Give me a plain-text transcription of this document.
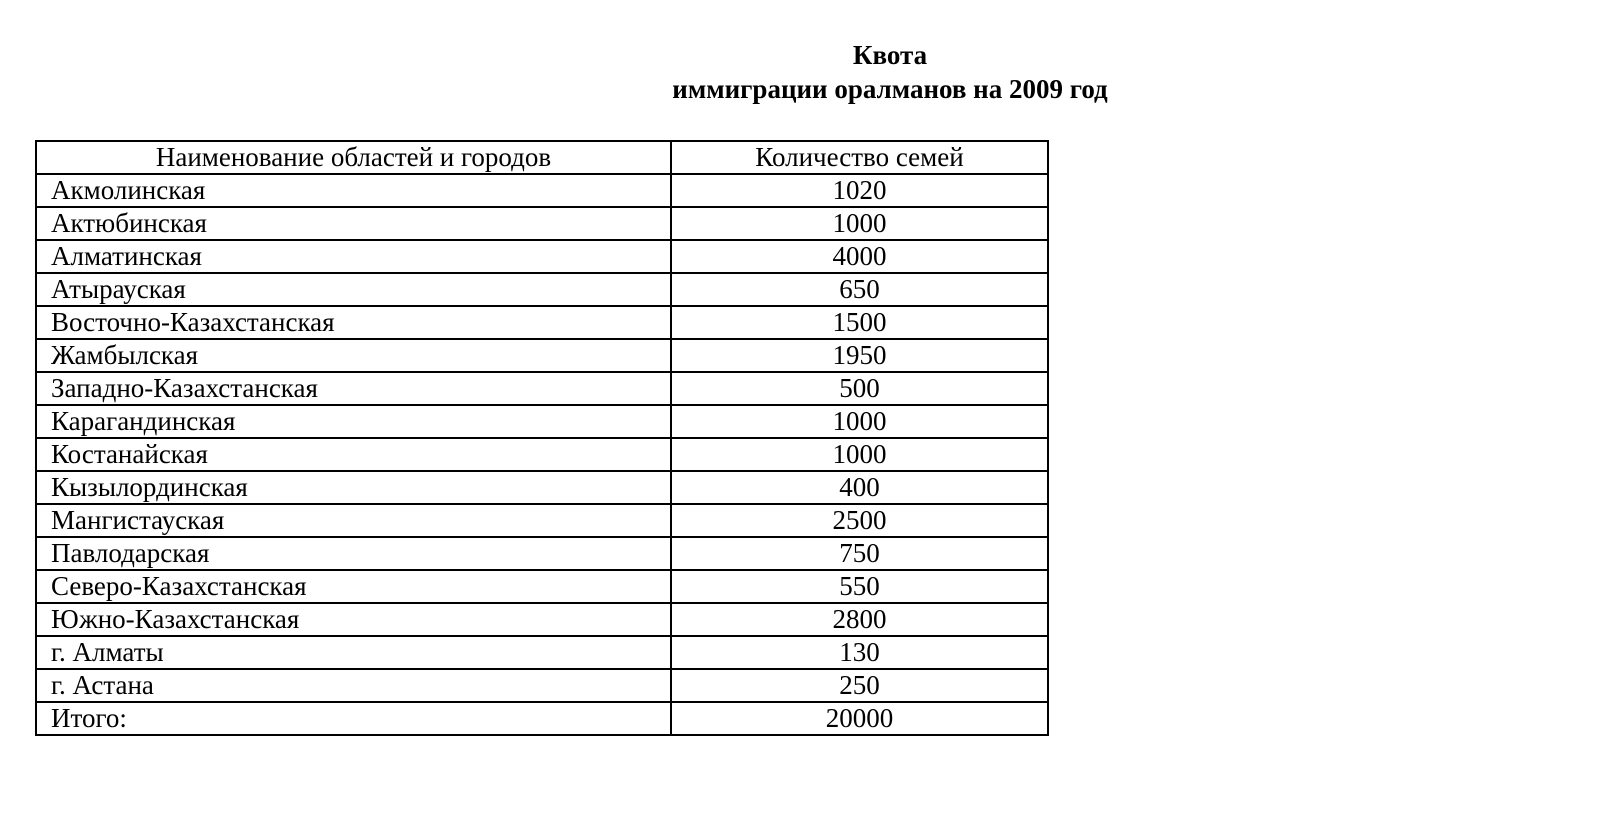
Квота
иммиграции оралманов на 2009 год
Наименование областей и городов	Количество семей
Акмолинская	1020
Актюбинская	1000
Алматинская	4000
Атырауская	650
Восточно-Казахстанская	1500
Жамбылская	1950
Западно-Казахстанская	500
Карагандинская	1000
Костанайская	1000
Кызылординская	400
Мангистауская	2500
Павлодарская	750
Северо-Казахстанская	550
Южно-Казахстанская	2800
г. Алматы	130
г. Астана	250
Итого:	20000
